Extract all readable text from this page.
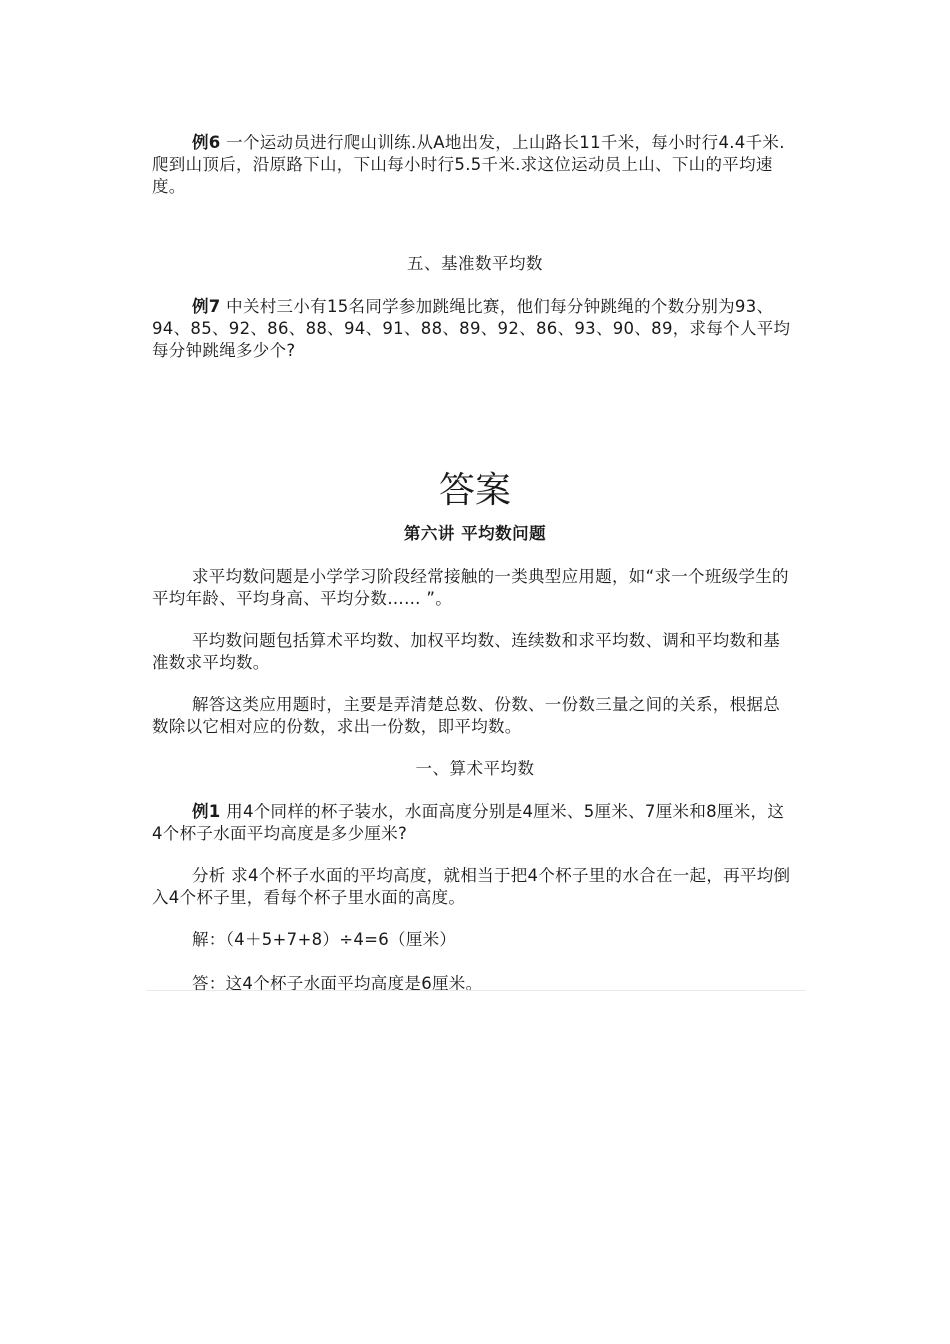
例6 一个运动员进行爬山训练.从A地出发，上山路长11千米，每小时行4.4千米.爬到山顶后，沿原路下山，下山每小时行5.5千米.求这位运动员上山、下山的平均速度。

五、基准数平均数

例7 中关村三小有15名同学参加跳绳比赛，他们每分钟跳绳的个数分别为93、94、85、92、86、88、94、91、88、89、92、86、93、90、89，求每个人平均每分钟跳绳多少个?

答案

第六讲 平均数问题

求平均数问题是小学学习阶段经常接触的一类典型应用题，如“求一个班级学生的平均年龄、平均身高、平均分数…… ”。

平均数问题包括算术平均数、加权平均数、连续数和求平均数、调和平均数和基准数求平均数。

解答这类应用题时，主要是弄清楚总数、份数、一份数三量之间的关系，根据总数除以它相对应的份数，求出一份数，即平均数。

一、算术平均数

例1 用4个同样的杯子装水，水面高度分别是4厘米、5厘米、7厘米和8厘米，这4个杯子水面平均高度是多少厘米?

分析 求4个杯子水面的平均高度，就相当于把4个杯子里的水合在一起，再平均倒入4个杯子里，看每个杯子里水面的高度。

解：（4＋5+7+8）÷4=6（厘米）

答：这4个杯子水面平均高度是6厘米。
